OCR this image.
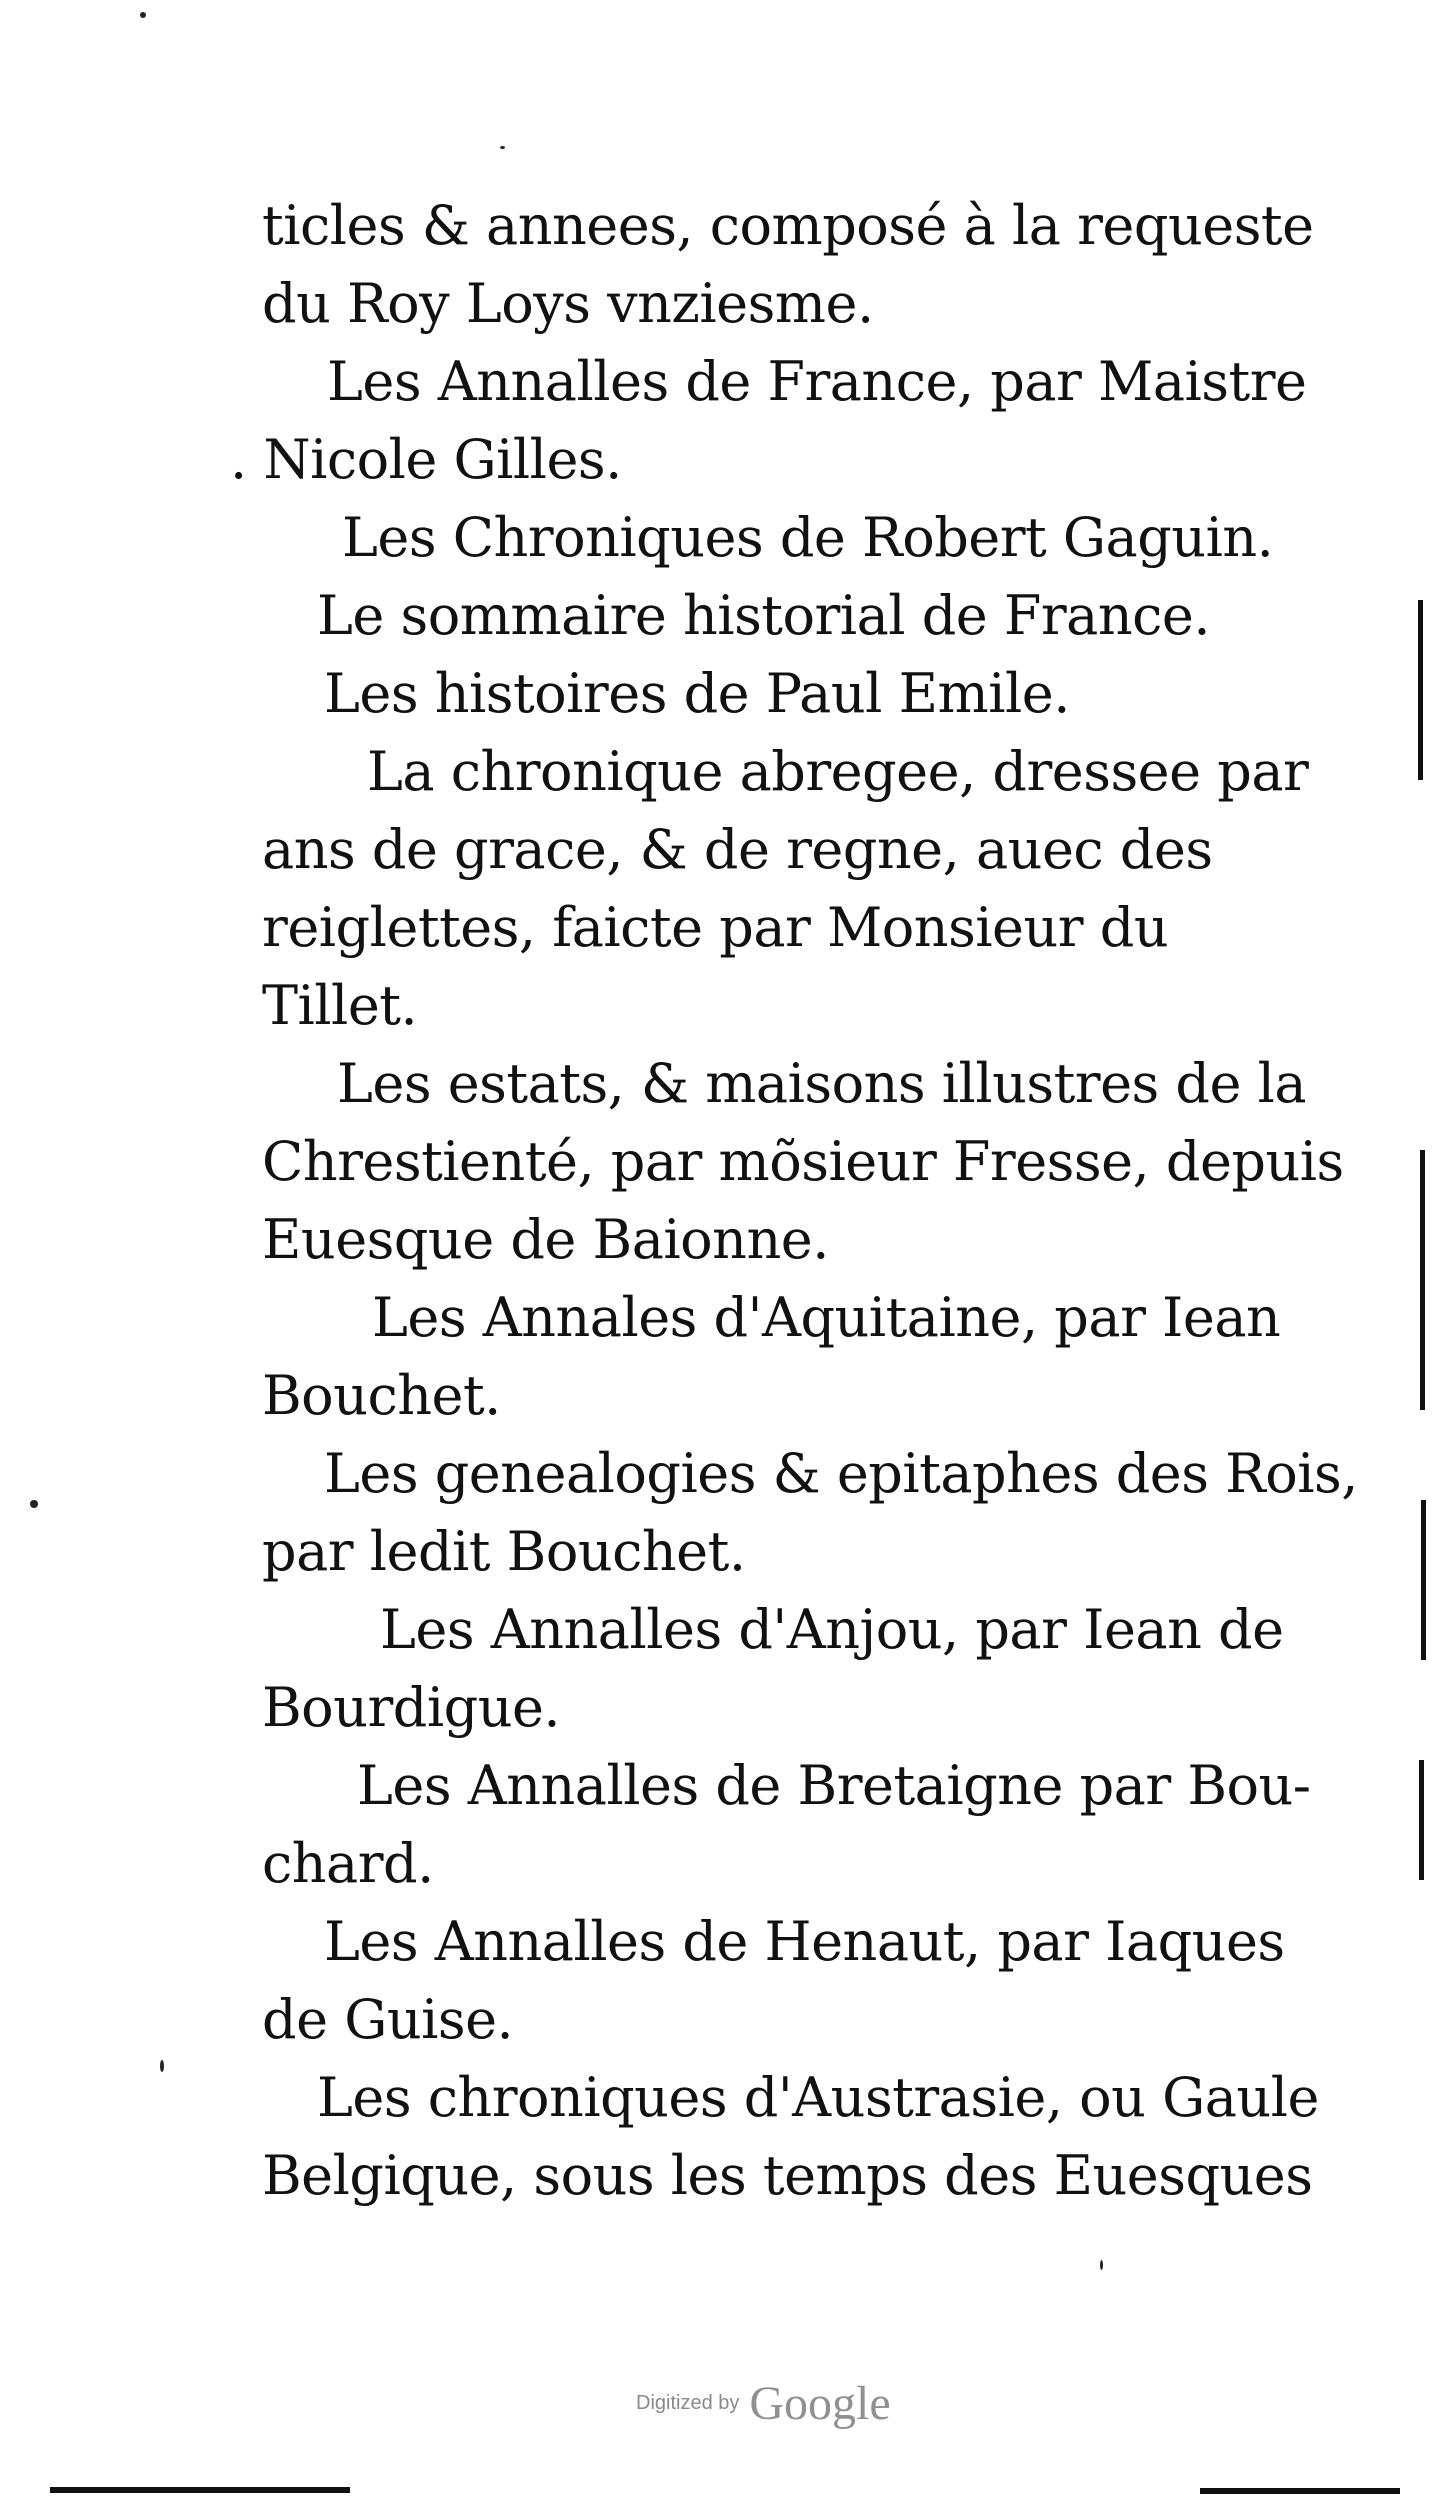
ticles & annees, composé à la requeste
du Roy Loys vnziesme.
Les Annalles de France, par Maistre
. Nicole Gilles.
Les Chroniques de Robert Gaguin.
Le sommaire historial de France.
Les histoires de Paul Emile.
La chronique abregee, dressee par
ans de grace, & de regne, auec des
reiglettes, faicte par Monsieur du
Tillet.
Les estats, & maisons illustres de la
Chrestienté, par mõsieur Fresse, depuis
Euesque de Baionne.
Les Annales d'Aquitaine, par Iean
Bouchet.
Les genealogies & epitaphes des Rois,
par ledit Bouchet.
Les Annalles d'Anjou, par Iean de
Bourdigue.
Les Annalles de Bretaigne par Bou-
chard.
Les Annalles de Henaut, par Iaques
de Guise.
Les chroniques d'Austrasie, ou Gaule
Belgique, sous les temps des Euesques
Digitized by Google
